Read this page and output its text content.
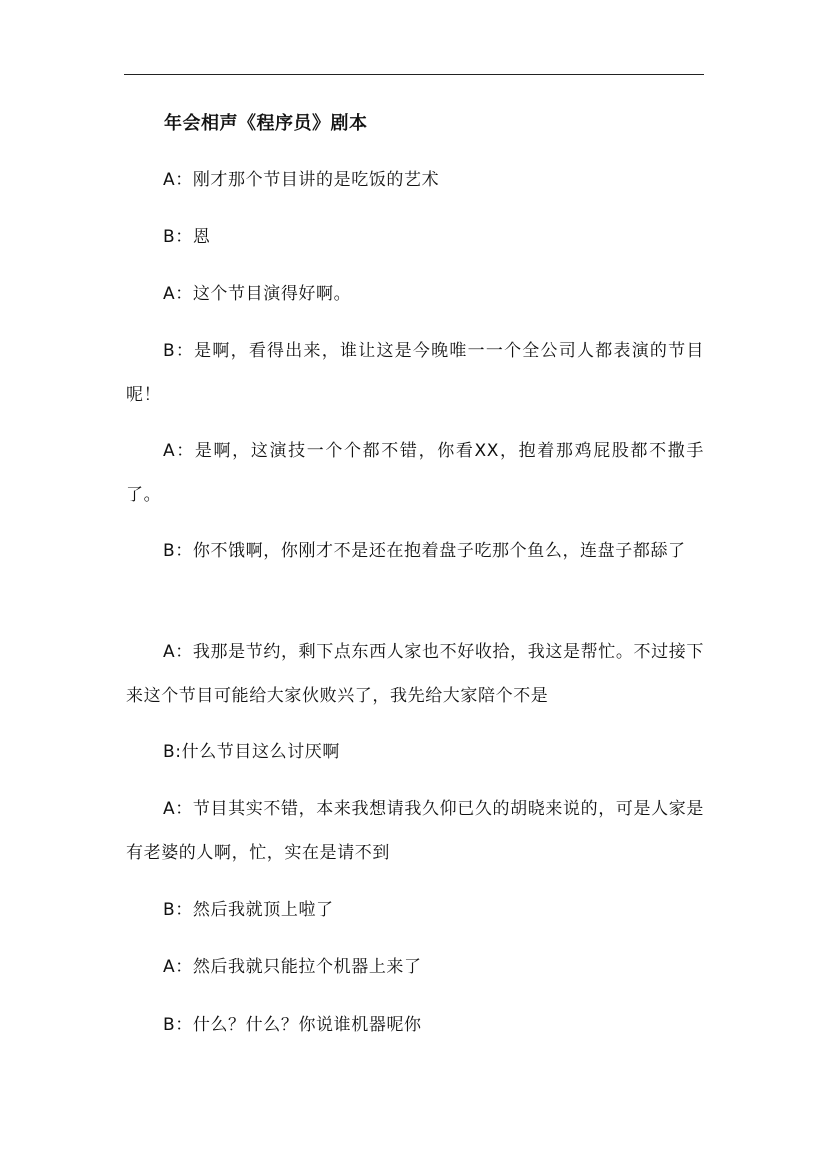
年会相声《程序员》剧本
A：刚才那个节目讲的是吃饭的艺术
B：恩
A：这个节目演得好啊。
B：是啊，看得出来，谁让这是今晚唯一一个全公司人都表演的节目呢！
A：是啊，这演技一个个都不错，你看XX，抱着那鸡屁股都不撒手了。
B：你不饿啊，你刚才不是还在抱着盘子吃那个鱼么，连盘子都舔了
A：我那是节约，剩下点东西人家也不好收拾，我这是帮忙。不过接下来这个节目可能给大家伙败兴了，我先给大家陪个不是
B:什么节目这么讨厌啊
A：节目其实不错，本来我想请我久仰已久的胡晓来说的，可是人家是有老婆的人啊，忙，实在是请不到
B：然后我就顶上啦了
A：然后我就只能拉个机器上来了
B：什么？什么？你说谁机器呢你
